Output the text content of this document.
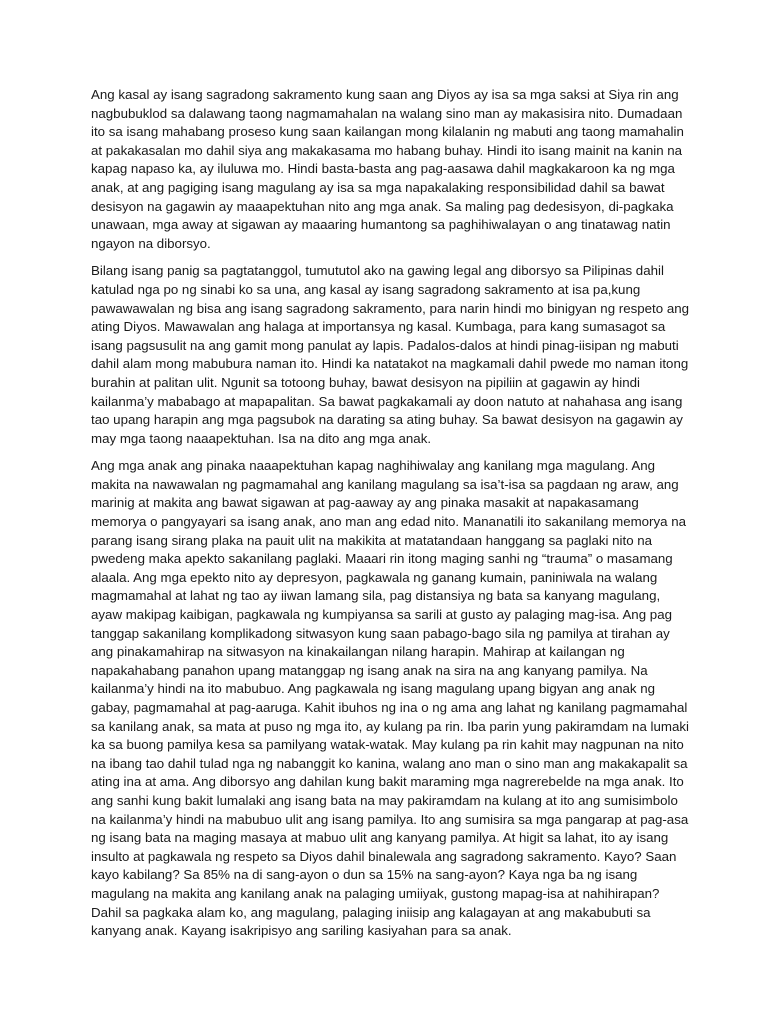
Ang kasal ay isang sagradong sakramento kung saan ang Diyos ay isa sa mga saksi at Siya rin ang nagbubuklod sa dalawang taong nagmamahalan na walang sino man ay makasisira nito. Dumadaan ito sa isang mahabang proseso kung saan kailangan mong kilalanin ng mabuti ang taong mamahalin at pakakasalan mo dahil siya ang makakasama mo habang buhay. Hindi ito isang mainit na kanin na kapag napaso ka, ay iluluwa mo. Hindi basta-basta ang pag-aasawa dahil magkakaroon ka ng mga anak, at ang pagiging isang magulang ay isa sa mga napakalaking responsibilidad dahil sa bawat desisyon na gagawin ay maaapektuhan nito ang mga anak. Sa maling pag dedesisyon, di-pagkaka unawaan, mga away at sigawan ay maaaring humantong sa paghihiwalayan o ang tinatawag natin ngayon na diborsyo.

Bilang isang panig sa pagtatanggol, tumututol ako na gawing legal ang diborsyo sa Pilipinas dahil katulad nga po ng sinabi ko sa una, ang kasal ay isang sagradong sakramento at isa pa,kung pawawawalan ng bisa ang isang sagradong sakramento, para narin hindi mo binigyan ng respeto ang ating Diyos. Mawawalan ang halaga at importansya ng kasal. Kumbaga, para kang sumasagot sa isang pagsusulit na ang gamit mong panulat ay lapis. Padalos-dalos at hindi pinag-iisipan ng mabuti dahil alam mong mabubura naman ito. Hindi ka natatakot na magkamali dahil pwede mo naman itong burahin at palitan ulit. Ngunit sa totoong buhay, bawat desisyon na pipiliin at gagawin ay hindi kailanma’y mababago at mapapalitan. Sa bawat pagkakamali ay doon natuto at nahahasa ang isang tao upang harapin ang mga pagsubok na darating sa ating buhay. Sa bawat desisyon na gagawin ay may mga taong naaapektuhan. Isa na dito ang mga anak.

Ang mga anak ang pinaka naaapektuhan kapag naghihiwalay ang kanilang mga magulang. Ang makita na nawawalan ng pagmamahal ang kanilang magulang sa isa’t-isa sa pagdaan ng araw, ang marinig at makita ang bawat sigawan at pag-aaway ay ang pinaka masakit at napakasamang memorya o pangyayari sa isang anak, ano man ang edad nito. Mananatili ito sakanilang memorya na parang isang sirang plaka na pauit ulit na makikita at matatandaan hanggang sa paglaki nito na pwedeng maka apekto sakanilang paglaki. Maaari rin itong maging sanhi ng “trauma” o masamang alaala. Ang mga epekto nito ay depresyon, pagkawala ng ganang kumain, paniniwala na walang magmamahal at lahat ng tao ay iiwan lamang sila, pag distansiya ng bata sa kanyang magulang, ayaw makipag kaibigan, pagkawala ng kumpiyansa sa sarili at gusto ay palaging mag-isa. Ang pag tanggap sakanilang komplikadong sitwasyon kung saan pabago-bago sila ng pamilya at tirahan ay ang pinakamahirap na sitwasyon na kinakailangan nilang harapin. Mahirap at kailangan ng napakahabang panahon upang matanggap ng isang anak na sira na ang kanyang pamilya. Na kailanma’y hindi na ito mabubuo. Ang pagkawala ng isang magulang upang bigyan ang anak ng gabay, pagmamahal at pag-aaruga. Kahit ibuhos ng ina o ng ama ang lahat ng kanilang pagmamahal sa kanilang anak, sa mata at puso ng mga ito, ay kulang pa rin. Iba parin yung pakiramdam na lumaki ka sa buong pamilya kesa sa pamilyang watak-watak. May kulang pa rin kahit may nagpunan na nito na ibang tao dahil tulad nga ng nabanggit ko kanina, walang ano man o sino man ang makakapalit sa ating ina at ama. Ang diborsyo ang dahilan kung bakit maraming mga nagrerebelde na mga anak. Ito ang sanhi kung bakit lumalaki ang isang bata na may pakiramdam na kulang at ito ang sumisimbolo na kailanma’y hindi na mabubuo ulit ang isang pamilya. Ito ang sumisira sa mga pangarap at pag-asa ng isang bata na maging masaya at mabuo ulit ang kanyang pamilya. At higit sa lahat, ito ay isang insulto at pagkawala ng respeto sa Diyos dahil binalewala ang sagradong sakramento. Kayo? Saan kayo kabilang? Sa 85% na di sang-ayon o dun sa 15% na sang-ayon? Kaya nga ba ng isang magulang na makita ang kanilang anak na palaging umiiyak, gustong mapag-isa at nahihirapan? Dahil sa pagkaka alam ko, ang magulang, palaging iniisip ang kalagayan at ang makabubuti sa kanyang anak. Kayang isakripisyo ang sariling kasiyahan para sa anak.
